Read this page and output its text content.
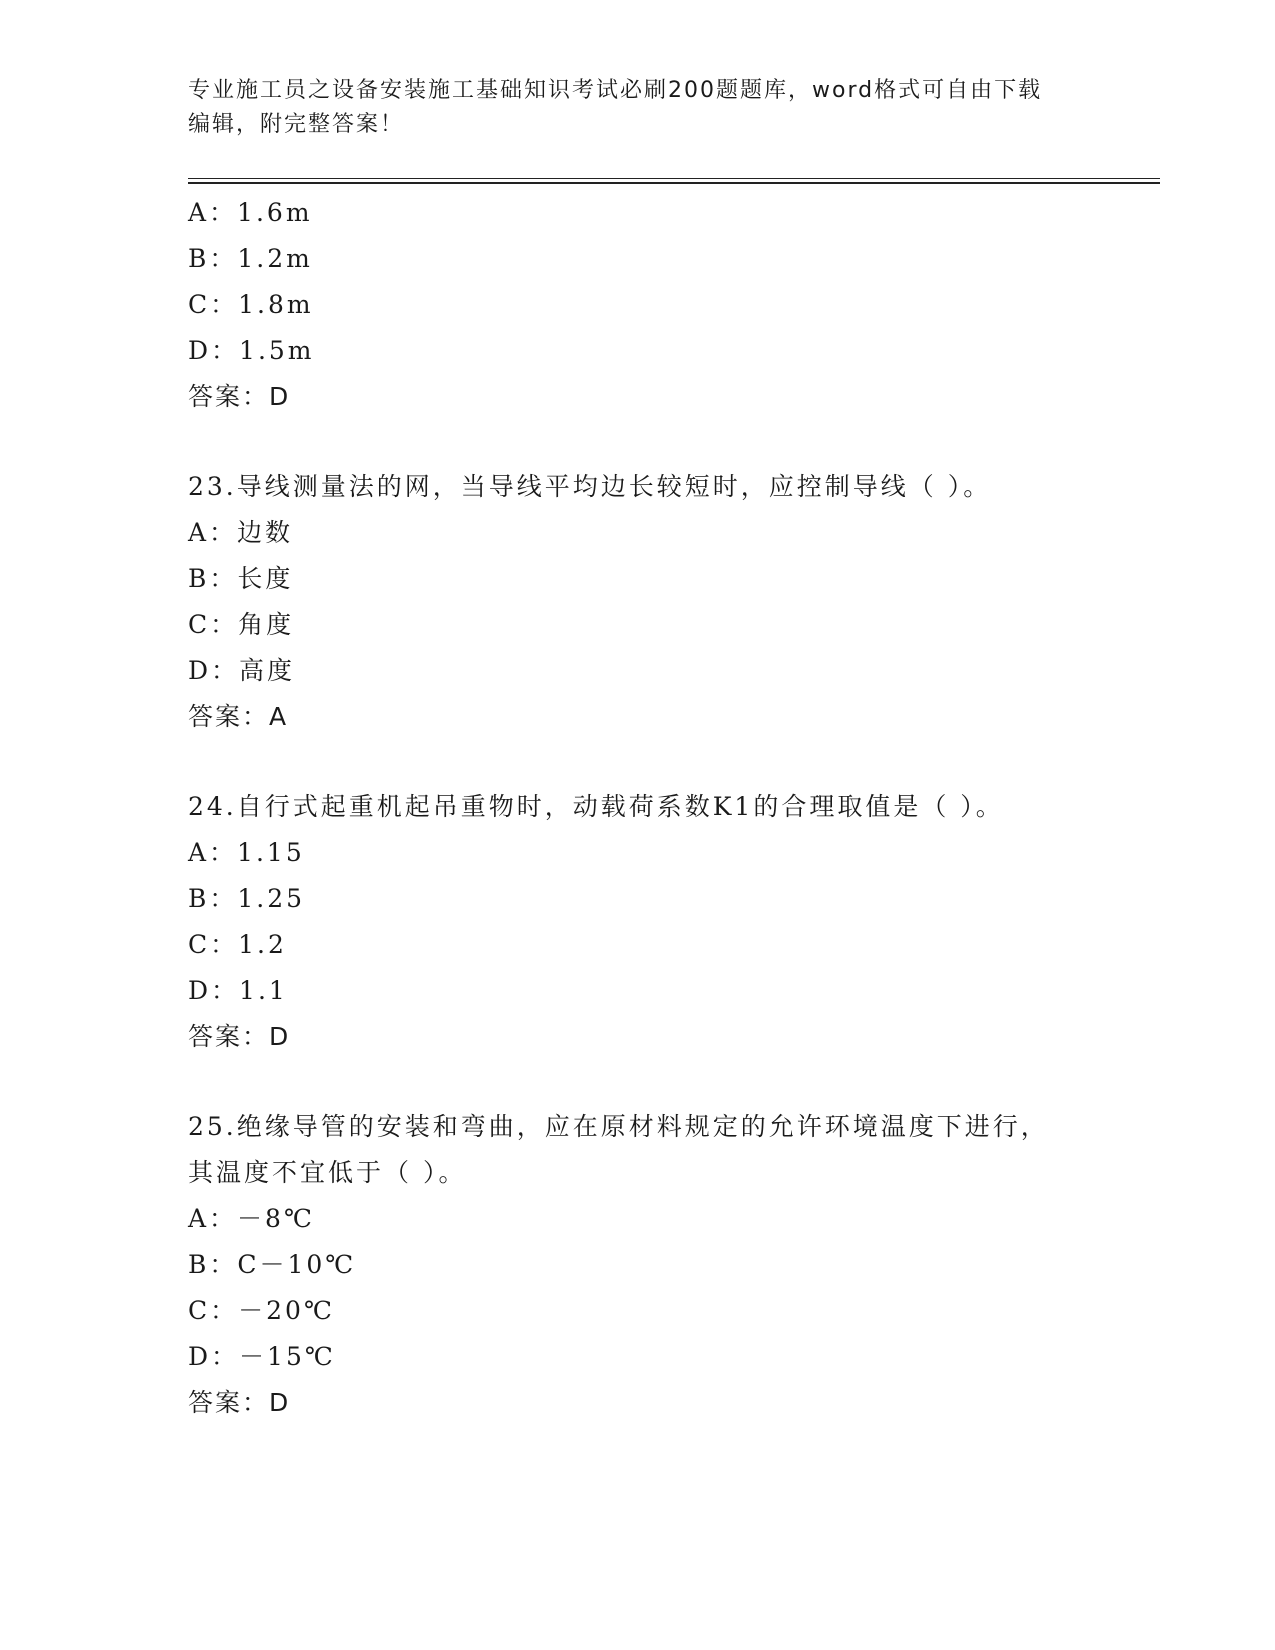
专业施工员之设备安装施工基础知识考试必刷200题题库，word格式可自由下载
编辑，附完整答案！
A：1.6m
B：1.2m
C：1.8m
D：1.5m
答案：D
23.导线测量法的网，当导线平均边长较短时，应控制导线（ ）。
A：边数
B：长度
C：角度
D：高度
答案：A
24.自行式起重机起吊重物时，动载荷系数K1的合理取值是（ ）。
A：1.15
B：1.25
C：1.2
D：1.1
答案：D
25.绝缘导管的安装和弯曲，应在原材料规定的允许环境温度下进行，
其温度不宜低于（ ）。
A：－8℃
B：C－10℃
C：－20℃
D：－15℃
答案：D
